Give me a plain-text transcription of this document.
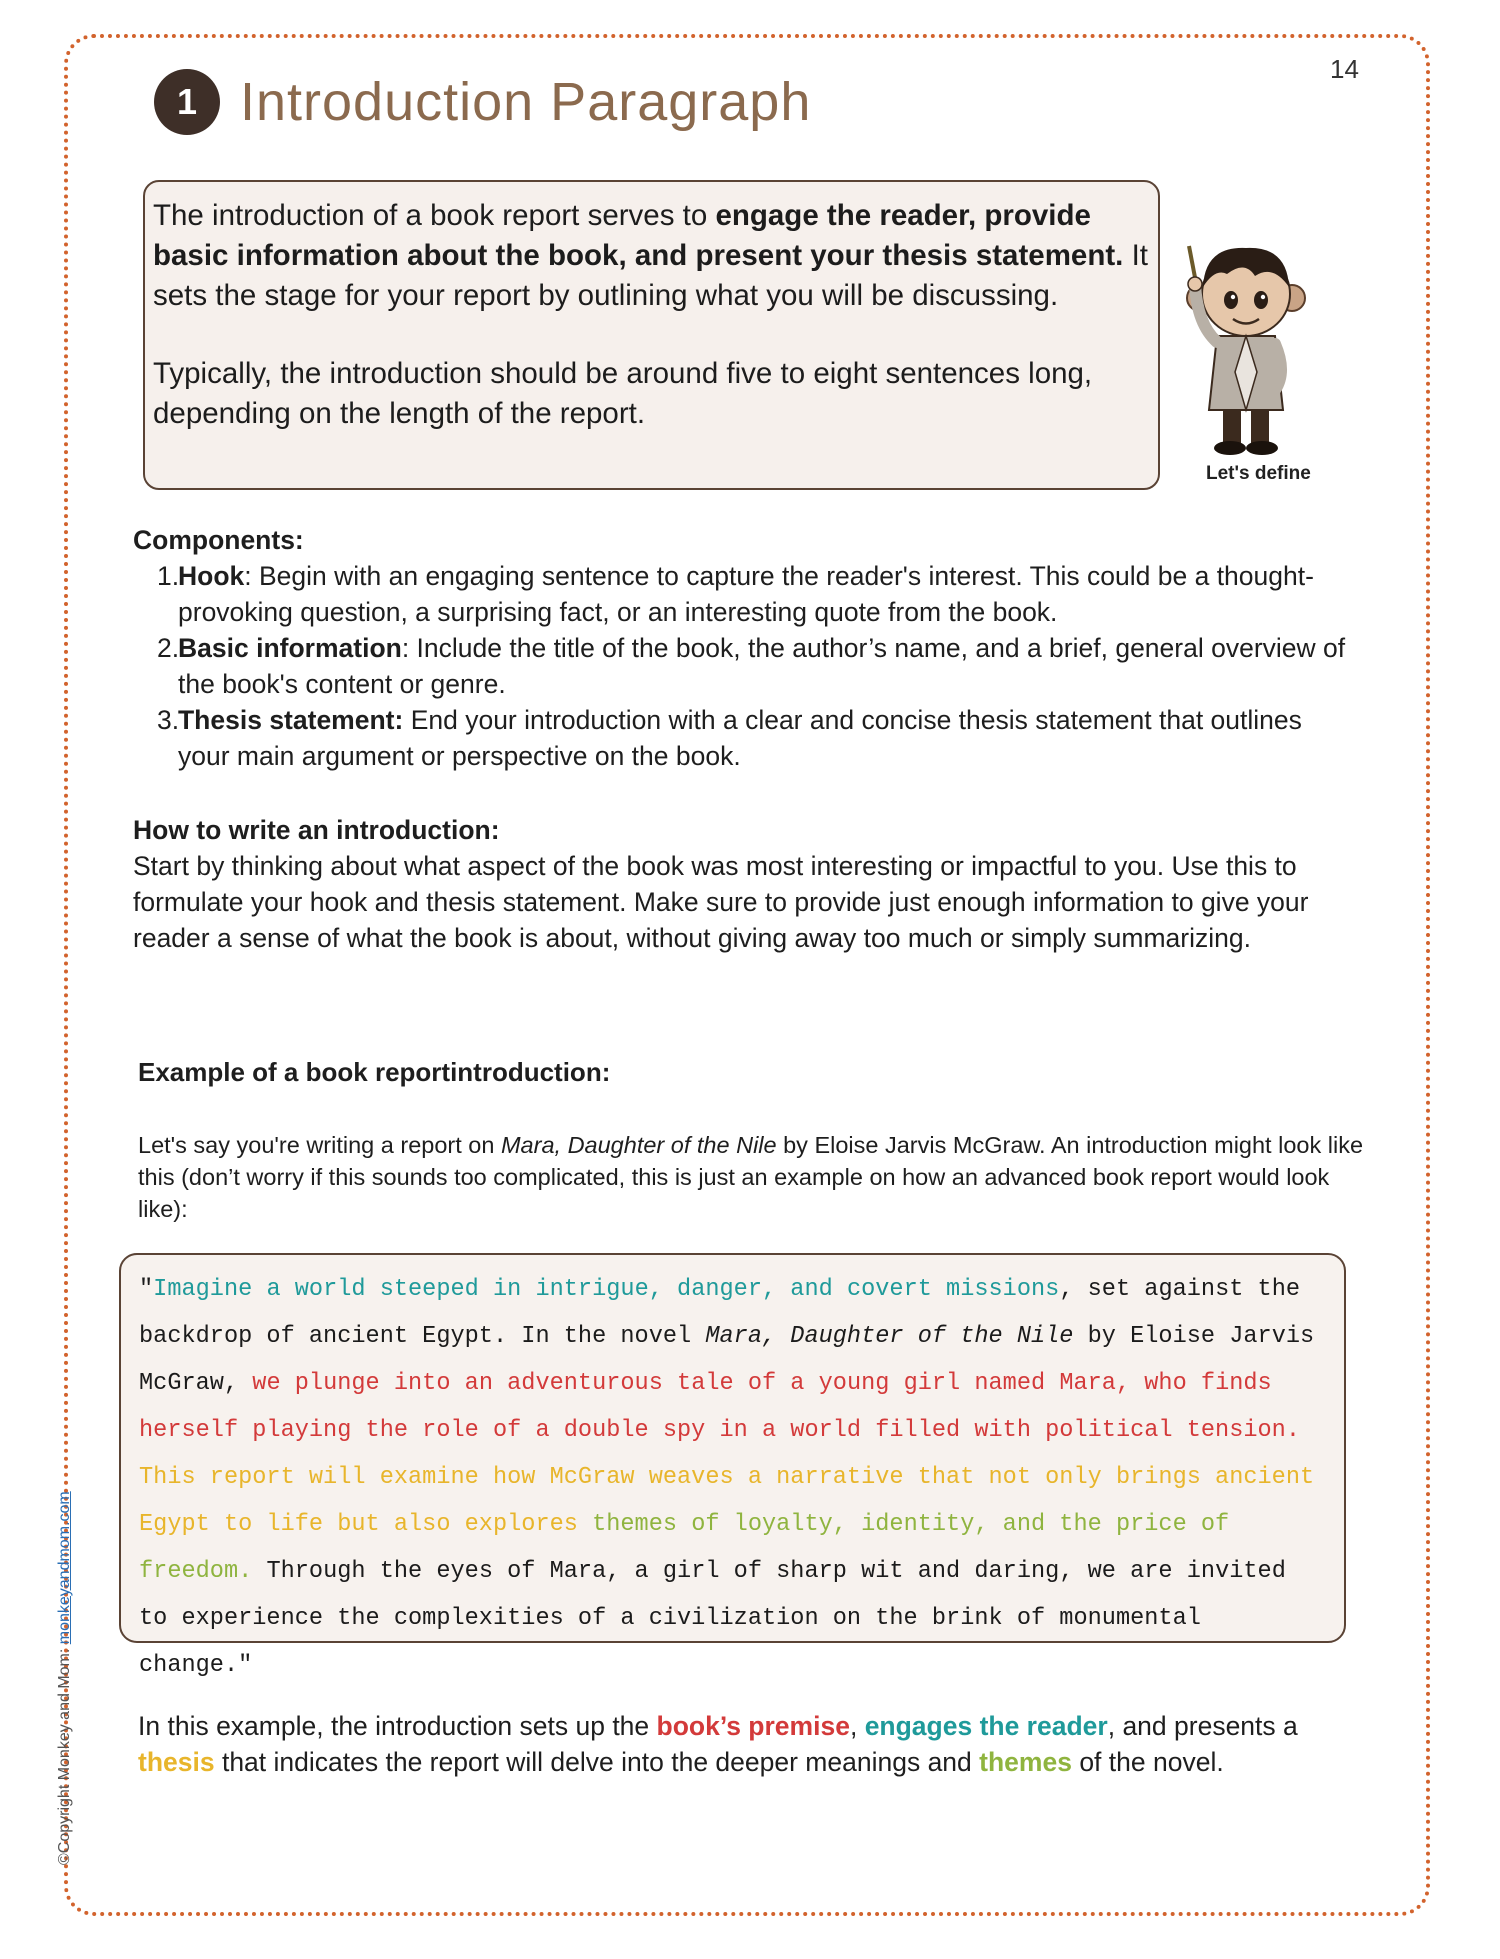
14
©Copyright Monkey and Mom: monkeyandmom.com
1 Introduction Paragraph

The introduction of a book report serves to engage the reader, provide basic information about the book, and present your thesis statement. It sets the stage for your report by outlining what you will be discussing.

Typically, the introduction should be around five to eight sentences long, depending on the length of the report.

Let's define
Components:
1.
Hook: Begin with an engaging sentence to capture the reader's interest. This could be a thought-provoking question, a surprising fact, or an interesting quote from the book.
2.
Basic information: Include the title of the book, the author’s name, and a brief, general overview of the book's content or genre.
3.
Thesis statement: End your introduction with a clear and concise thesis statement that outlines your main argument or perspective on the book.
How to write an introduction:
Start by thinking about what aspect of the book was most interesting or impactful to you. Use this to formulate your hook and thesis statement. Make sure to provide just enough information to give your reader a sense of what the book is about, without giving away too much or simply summarizing.
Example of a book reportintroduction:
Let's say you're writing a report on Mara, Daughter of the Nile by Eloise Jarvis McGraw. An introduction might look like this (don’t worry if this sounds too complicated, this is just an example on how an advanced book report would look like):
"Imagine a world steeped in intrigue, danger, and covert missions, set against the backdrop of ancient Egypt. In the novel Mara, Daughter of the Nile by Eloise Jarvis McGraw, we plunge into an adventurous tale of a young girl named Mara, who finds herself playing the role of a double spy in a world filled with political tension. This report will examine how McGraw weaves a narrative that not only brings ancient Egypt to life but also explores themes of loyalty, identity, and the price of freedom. Through the eyes of Mara, a girl of sharp wit and daring, we are invited to experience the complexities of a civilization on the brink of monumental change."
In this example, the introduction sets up the book’s premise, engages the reader, and presents a thesis that indicates the report will delve into the deeper meanings and themes of the novel.
